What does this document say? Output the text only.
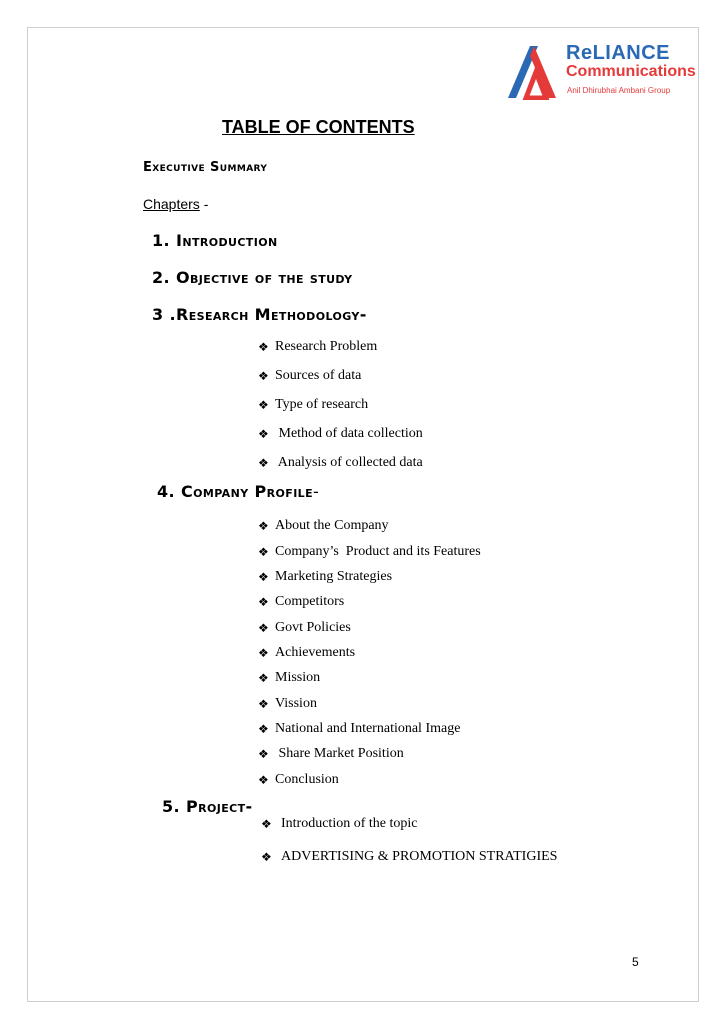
ReLIANCE
Communications
Anil Dhirubhai Ambani Group
TABLE OF CONTENTS
Executive Summary
Chapters -
1. Introduction
2. Objective of the study
3 .Research Methodology-
❖ Research Problem
❖ Sources of data
❖ Type of research
❖ Method of data collection
❖ Analysis of collected data
4. Company Profile-
❖ About the Company
❖ Company’s  Product and its Features
❖ Marketing Strategies
❖ Competitors
❖ Govt Policies
❖ Achievements
❖ Mission
❖ Vission
❖ National and International Image
❖ Share Market Position
❖ Conclusion
5. Project-
❖ Introduction of the topic
❖ ADVERTISING & PROMOTION STRATIGIES
5
